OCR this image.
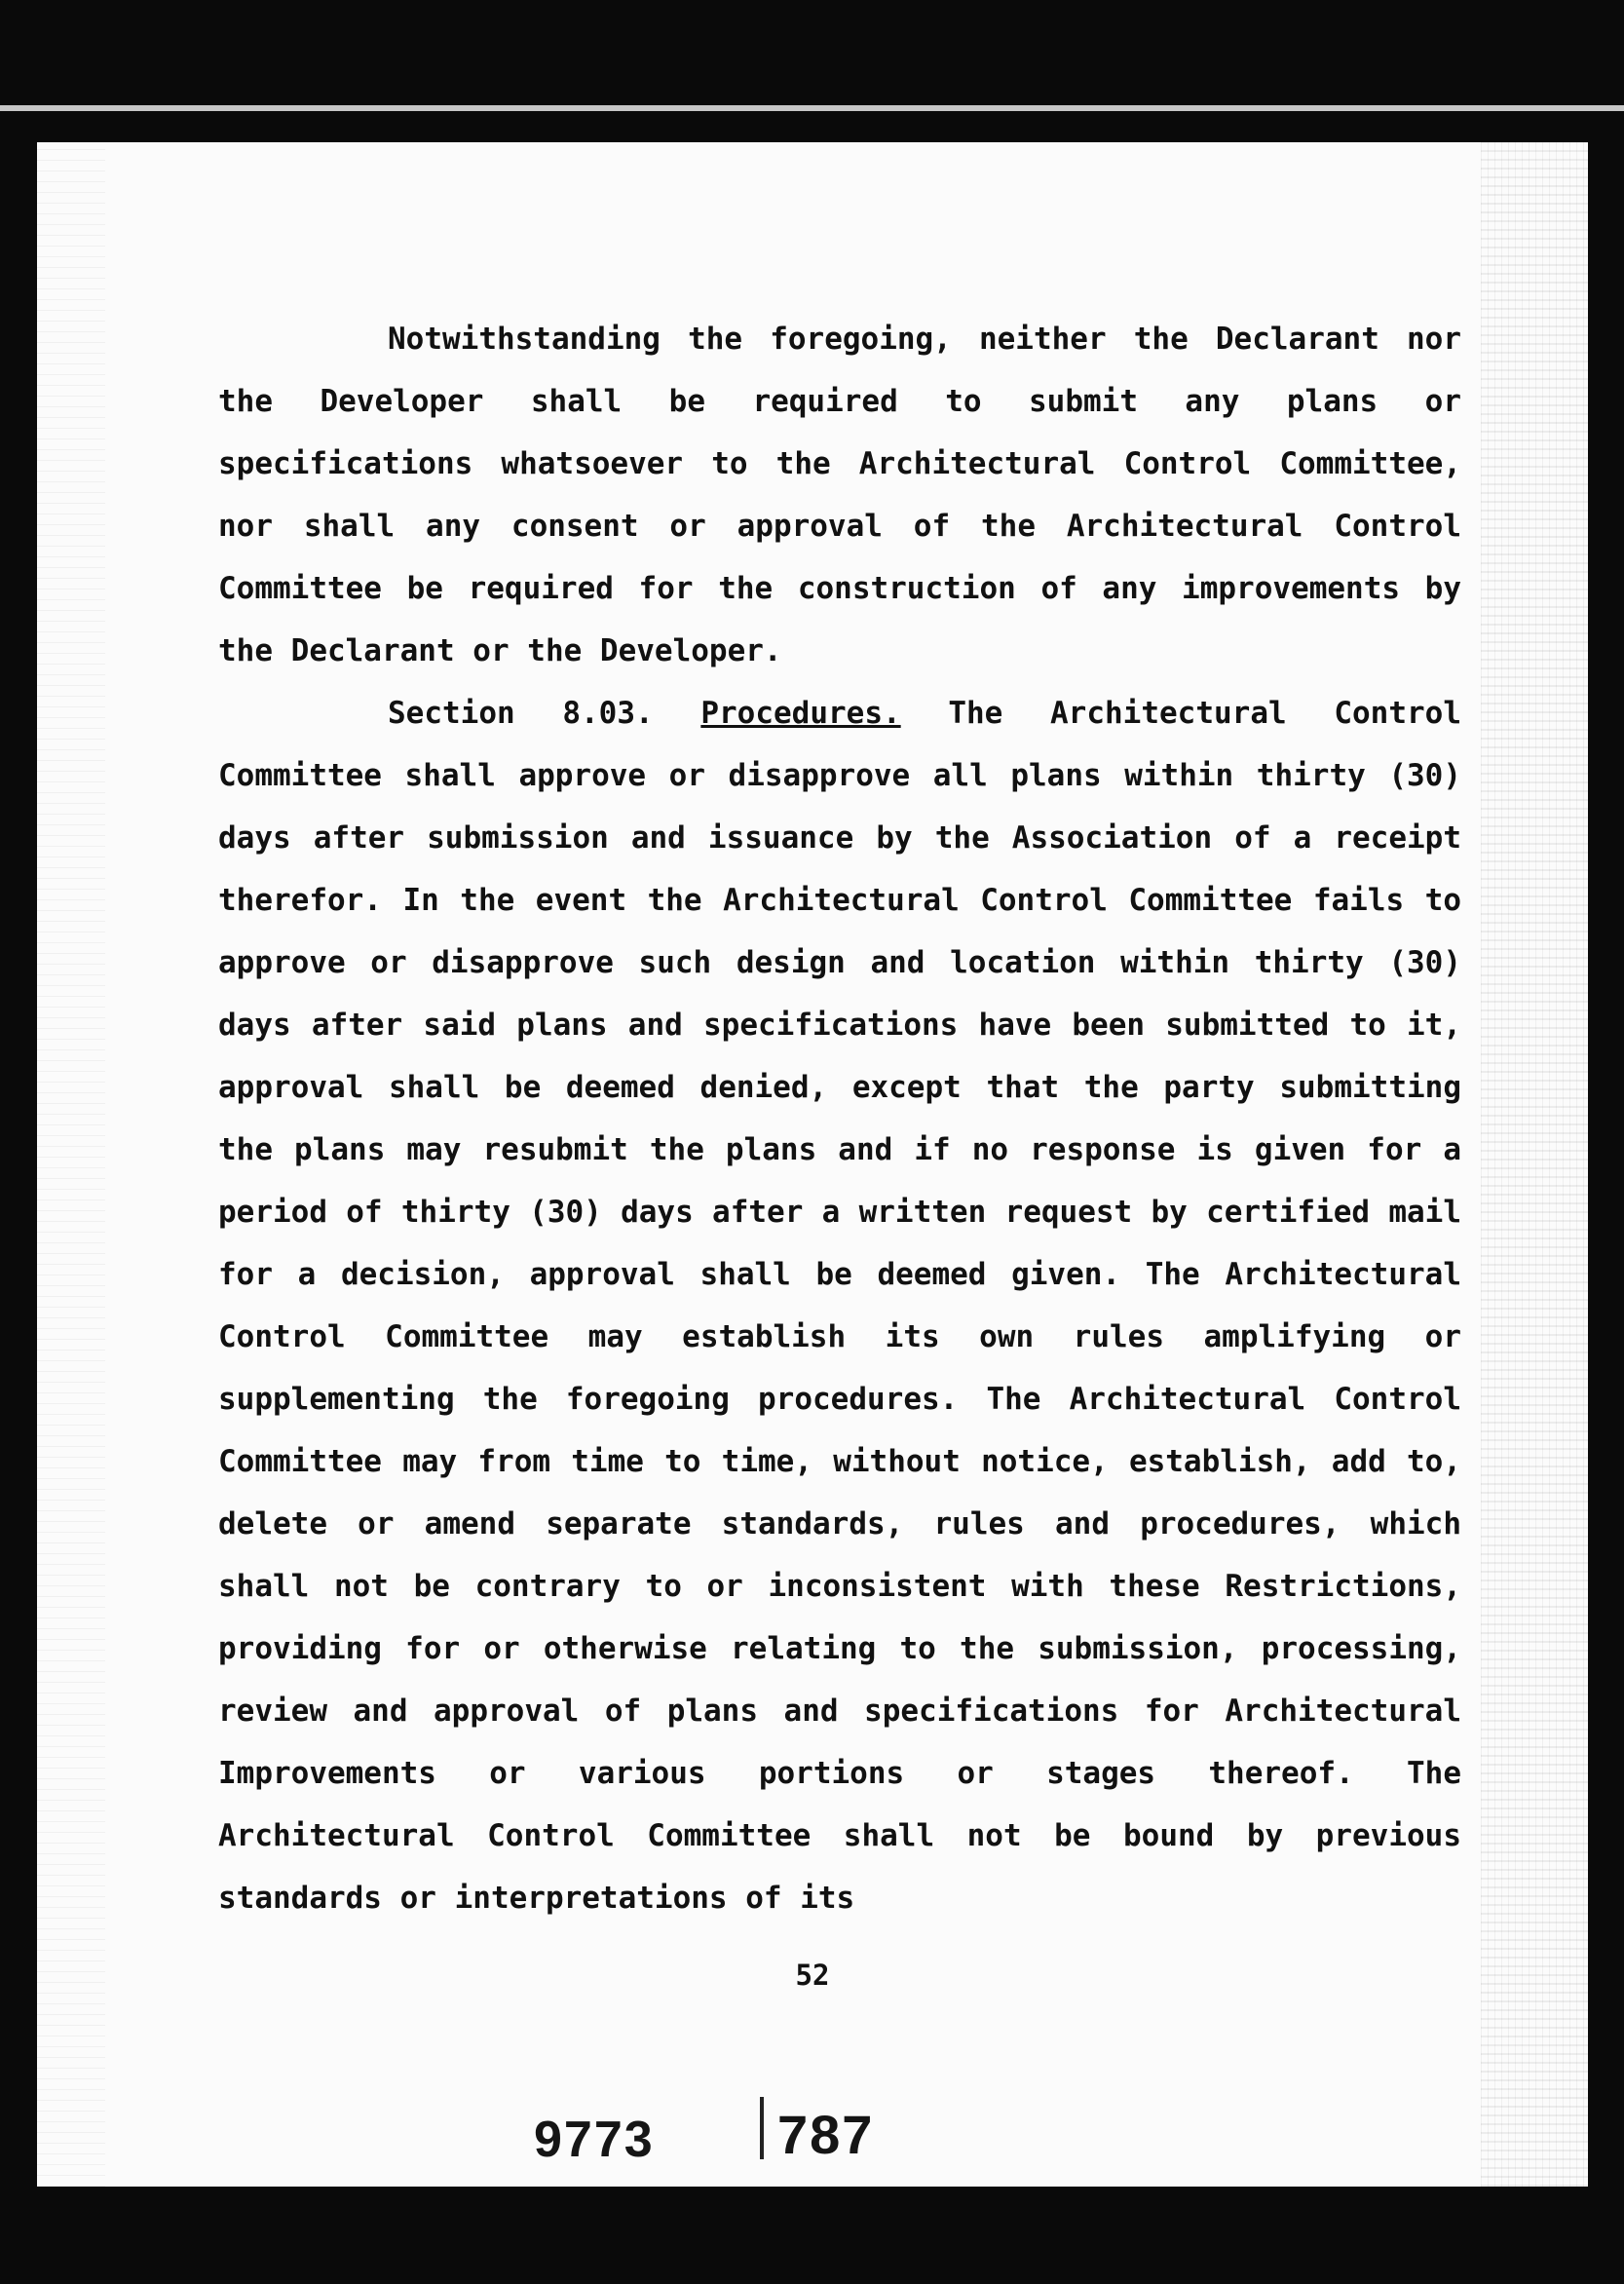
Notwithstanding the foregoing, neither the Declarant nor the Developer shall be required to submit any plans or specifications whatsoever to the Architectural Control Committee, nor shall any consent or approval of the Architectural Control Committee be required for the construction of any improvements by the Declarant or the Developer.

Section 8.03. Procedures. The Architectural Control Committee shall approve or disapprove all plans within thirty (30) days after submission and issuance by the Association of a receipt therefor. In the event the Architectural Control Committee fails to approve or disapprove such design and location within thirty (30) days after said plans and specifications have been submitted to it, approval shall be deemed denied, except that the party submitting the plans may resubmit the plans and if no response is given for a period of thirty (30) days after a written request by certified mail for a decision, approval shall be deemed given. The Architectural Control Committee may establish its own rules amplifying or supplementing the foregoing procedures. The Architectural Control Committee may from time to time, without notice, establish, add to, delete or amend separate standards, rules and procedures, which shall not be contrary to or inconsistent with these Restrictions, providing for or otherwise relating to the submission, processing, review and approval of plans and specifications for Architectural Improvements or various portions or stages thereof. The Architectural Control Committee shall not be bound by previous standards or interpretations of its

52
9773 787
